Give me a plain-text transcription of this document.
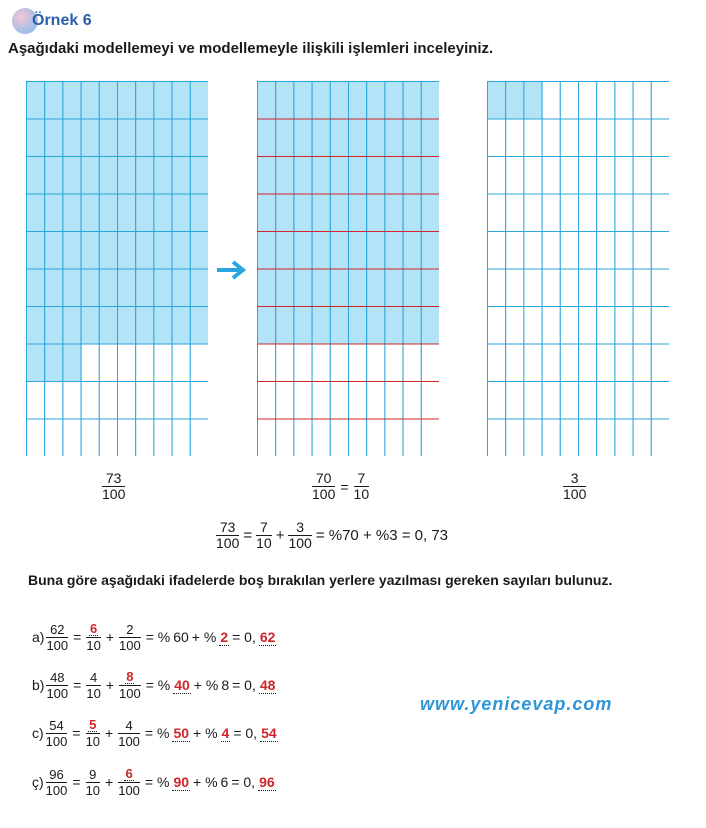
Örnek 6
Aşağıdaki modellemeyi ve modellemeyle ilişkili işlemleri inceleyiniz.
73
100	$\frac{70}{100} = \frac{7}{10}$	3
100
$\frac{73}{100} = \frac{7}{10} + \frac{3}{100} = \%70 + \%3 = 0$, 73
Buna göre aşağıdaki ifadelerde boş bırakılan yerlere yazılması gereken sayıları bulunuz.
a) 62
$100 = \frac{6}{10} + 2$
100 = % 60 + % 2 = 0, 62
b) 48
100 = 4
$10 + \frac{8}{100}$ = % 40 + % 8 = 0, 48
c) 54
$100 = \frac{5}{10} + 4$
100 = % 50 + % 4 = 0, 54
ç) 96
100 = 9
$10 + \frac{6}{100}$ = % 90 + % 6 = 0, 96
www.yenicevap.com
